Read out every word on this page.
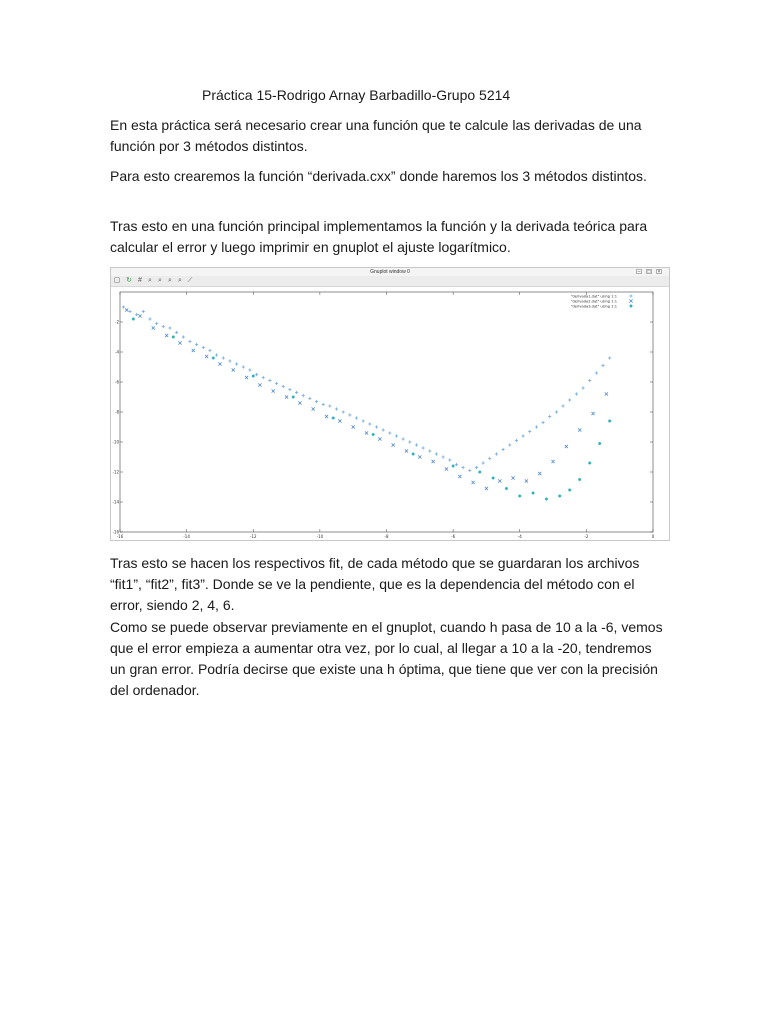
Práctica 15-Rodrigo Arnay Barbadillo-Grupo 5214

En esta práctica será necesario crear una función que te calcule las derivadas de una función por 3 métodos distintos.

Para esto crearemos la función “derivada.cxx” donde haremos los 3 métodos distintos.

Tras esto en una función principal implementamos la función y la derivada teórica para calcular el error y luego imprimir en gnuplot el ajuste logarítmico.

Gnuplot window 0	–	□	×
▢ ↻ # ⌕ ⌕ ⌕ ⌕ ⟋
-16	-14	-12	-10	-8	-6	-4	-2	0
-2
-4
-6
-8
-10
-12
-14
-16
"derivada1.dat" using 1:1
"derivada2.dat" using 1:1
"derivada3.dat" using 1:1

Tras esto se hacen los respectivos fit, de cada método que se guardaran los archivos “fit1”, “fit2”, fit3”. Donde se ve la pendiente, que es la dependencia del método con el error, siendo 2, 4, 6.

Como se puede observar previamente en el gnuplot, cuando h pasa de 10 a la -6, vemos que el error empieza a aumentar otra vez, por lo cual, al llegar a 10 a la -20, tendremos un gran error. Podría decirse que existe una h óptima, que tiene que ver con la precisión del ordenador.
